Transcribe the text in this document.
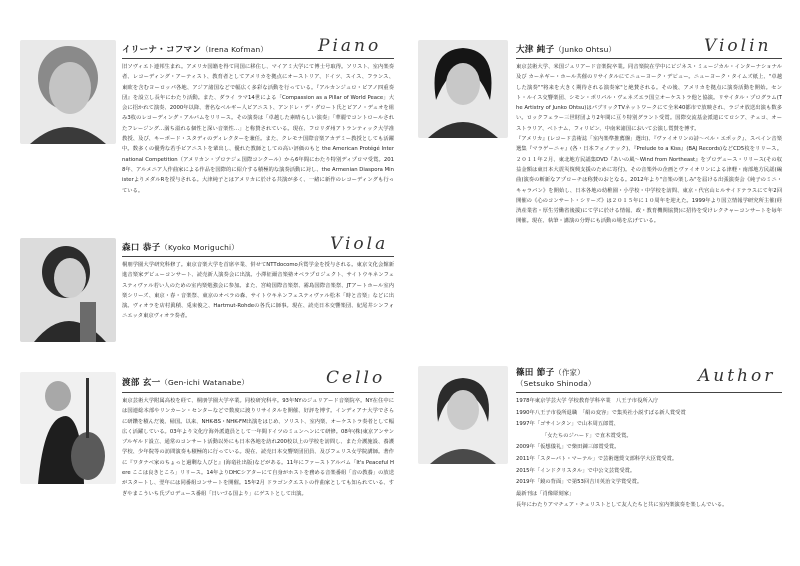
イリーナ・コフマン（Irena Kofman）	Piano
旧ソヴィエト連邦生まれ。アメリカ国籍を得て同国に移住し、マイアミ大学にて博士号取得。ソリスト、室内楽奏者、レコーディング・アーティスト、教育者としてアメリカを拠点にオーストリア、ドイツ、スイス、フランス、東欧を含むヨーロッパ各地、アジア諸国などで幅広く多彩な活動を行っている。『アルカンジュロ・ピアノ四重奏団』を設立し長年にわたり活動。また、ダライ ラマ14世による「Compassion as a Pillar of World Peace」大会に招かれて演奏、2000年以降、著名なベルギー人ピアニスト、アンドレ・デ・グロート氏とピアノ・デュオを組み3枚のレコーディング・アルバムをリリース。その演奏は「卓越した素晴らしい演奏」「華麗でコントロールされたフレージング…満ち溢れる個性と深い音楽性…」と称賛されている。現在、フロリダ州アトランティック大学准教授、及び、キーボード・スタディのディレクターを兼任。また、クレモナ国際音楽アカデミー教授としても活躍 中。数多くの優秀な若手ピアニストを輩出し、優れた教師としての高い評価のもと the American Protégé International Competition（アメリカン・プロテジェ国際コンクール）から6年間にわたり特別ディプロマ受賞。2018年、アルメニア人作曲家による作品を国際的に紹介する積極的な演奏活動に対し、the Armenian Diaspora MinisterよりメダルRを授与される。大津純子とはアメリカに於ける共演が多く、一緒に新作のレコーディングも行っている。
森口 恭子（Kyoko Moriguchi）	Viola
桐朋学園大学研究科修了。東京音楽大学を首席卒業、併せてNTTdocomo兵賞学金を授与される。東京文化会館新進音楽家デビューコンサート、読売新人演奏会に出演。小澤征爾音楽塾オペラプロジェクト、サイトウキネンフェスティヴァル若い人のための室内楽勉強会に参加。また、宮崎国際音楽祭、霧島国際音楽祭、JTアートホール室内楽シリーズ、東京・春・音楽祭、東京のオペラの森、サイトウキネンフェスティヴァル松本「時と音楽」などに出演。ヴィオラを店村眞積、兎束俊之、Hartmut-Rohdeの各氏に師事。現在、読売日本交響楽団、紀尾井シンフォニエッタ東京ヴィオラ奏者。
渡部 玄一（Gen-ichi Watanabe）	Cello
東京芸術大学附属高校を経て、桐朋学園大学卒業。同校研究科卒。93年NYのジュリアード音楽院卒。NY在住中には国連総本部やリンカーン・センターなどで数度に渡りリサイタルを開催、好評を博す。インディアナ大学でさらに研鑽を積んだ後、帰国。以来、NHK-BS・NHK-FM出演をはじめ、ソリスト、室内楽、オーケストラ奏者として幅広く活躍している。03年より文化庁海外派遣員として一年間ドイツのミュンヘンにて研修。08年(株)東京アンサンブルギルド設立、通常のコンサート活動以外にも日本各地を訪れ200校以上の学校を訪問し、また介護施設、養護学校、少年院等の訪問演奏も積極的に行っている。現在、読売日本交響楽団団員、及びフェリス女学院講師。著作に『ワタナベ家のちょっと過剰な人びと』(海竜社出版)などがある。11年にファーストアルバム「It's Peaceful Here ここは良きところ」リリース。14年よりDHCシアターにて自身がホストを務める音楽番組「音の教養」の放送がスタートし、翌年には同番組コンサートを開催。15年2月 ドラゴンクエストの作曲家としても知られている、すぎやまこういち氏プロデュース番組「日いづる国より」にゲストとして出演。
大津 純子（Junko Ohtsu）	Violin

東京芸術大学、米国ジュリアード音楽院卒業。同音楽院在学中にビジネス・ミュージカル・インターナショナル 及び カーネギー・ホール共催のリサイタルにてニューヨーク・デビュー。ニューヨーク・タイムズ紙上、"卓越した演奏""将来を大きく期待される演奏家"と絶賛される。その後、アメリカを拠点に演奏活動を開始。セント・ルイス交響楽団、シモン・ボリバル・ヴェネズエラ国立オーケストラ他と協演。リサイタル・プログラム(The Artistry of Junko Ohtsu)はパブリックTVネットワークにて全米40都市で放映され、ラジオ放送出演も数多い。ロックフェラー三世財団より2年間に亘り特別グラント受賞。国際交流基金派遣にてロシア、チェコ、オーストラリア、ベトナム、フィリピン、中南米諸国において公演し賞賛を博す。

『アメリカ』(レコード芸術誌「室内楽準推薦盤」選出)、『ヴァイオリンの詩〜ベル・エポック』、スペイン音楽選集『マラゲーニャ』(各・日本フォノテック)、『Prelude to a Kiss』(BAJ Records)などCD5枚をリリース。２０１１年２月、東北地方民謡集DVD『あいの風〜Wind from Northeast』をプロデュース・リリース(その収益金額は東日本大震災復興支援のために寄付)。その音楽外の企画とヴァイオリンによる津軽・南部地方民謡(編曲)演奏の斬新なアプローチは称賛のおとなる。2012年より"音楽の楽しみ"を届ける出張演奏会《純子のミニ・キャラバン》を開始し、日本各地の幼稚園・小学校・中学校を訪問、東京・代官山ヒルサイドテラスにて年2回開催の《心のコンサート・シリーズ》は２０１５年に１０周年を迎えた。1999年より国立情報学研究所主催(経済産業省・厚生労働省後援)にて学に於ける情報、政・教育機関協賛)に招待を受けレクチャーコンサートを毎年開催。現在、執筆・講演の分野にも活動の場を広げている。

篠田 節子（作家）
（Setsuko Shinoda）	Author
1978年東京学芸大学 学校教育学科卒業　八王子市役所入庁
1990年八王子市役所退職　「絹の変容」で集英社小説すばる新人賞受賞
1997年「ゴサインタン」で山本周五郎賞、
「女たちのジハード」で直木賞受賞。
2009年「仮想儀礼」で柴田錬三郎賞受賞。
2011年「スターバト・マーテル」で芸術選奨文部科学大臣賞受賞。
2015年「インドクリスタル」で中公文芸賞受賞。
2019年「鏡の背面」で第53回吉川英治文学賞受賞。
最新刊は「肖像彫刻家」
長年にわたりアマチュア・チェリストとして友人たちと共に室内楽演奏を楽しんでいる。
